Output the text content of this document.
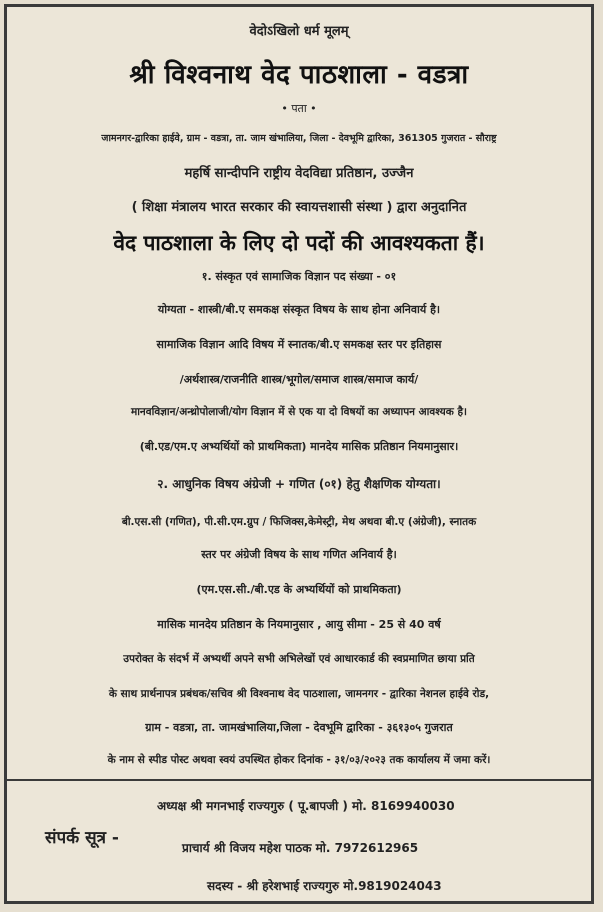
वेदोऽखिलो धर्म मूलम्
श्री विश्वनाथ वेद पाठशाला - वडत्रा
• पता •
जामनगर-द्वारिका हाईवे, ग्राम - वडत्रा, ता. जाम खंभालिया, जिला - देवभूमि द्वारिका, 361305 गुजरात - सौराष्ट्र
महर्षि सान्दीपनि राष्ट्रीय वेदविद्या प्रतिष्ठान, उज्जैन
( शिक्षा मंत्रालय भारत सरकार की स्वायत्तशासी संस्था ) द्वारा अनुदानित
वेद पाठशाला के लिए दो पदों की आवश्यकता हैं।
१. संस्कृत एवं सामाजिक विज्ञान पद संख्या - ०१
योग्यता - शास्त्री/बी.ए समकक्ष संस्कृत विषय के साथ होना अनिवार्य है।
सामाजिक विज्ञान आदि विषय में स्नातक/बी.ए समकक्ष स्तर पर इतिहास
/अर्थशास्त्र/राजनीति शास्त्र/भूगोल/समाज शास्त्र/समाज कार्य/
मानवविज्ञान/अन्थ्रोपोलाजी/योग विज्ञान में से एक या दो विषयों का अध्यापन आवश्यक है।
(बी.एड/एम.ए अभ्यर्थियों को प्राथमिकता) मानदेय मासिक प्रतिष्ठान नियमानुसार।
२. आधुनिक विषय अंग्रेजी + गणित (०१) हेतु शैक्षणिक योग्यता।
बी.एस.सी (गणित), पी.सी.एम.ग्रुप / फिजिक्स,केमेस्ट्री, मेथ अथवा बी.ए (अंग्रेजी), स्नातक
स्तर पर अंग्रेजी विषय के साथ गणित अनिवार्य है।
(एम.एस.सी./बी.एड के अभ्यर्थियों को प्राथमिकता)
मासिक मानदेय प्रतिष्ठान के नियमानुसार , आयु सीमा - 25 से 40 वर्ष
उपरोक्त के संदर्भ में अभ्यर्थी अपने सभी अभिलेखों एवं आधारकार्ड की स्वप्रमाणित छाया प्रति
के साथ प्रार्थनापत्र प्रबंधक/सचिव श्री विश्वनाथ वेद पाठशाला, जामनगर - द्वारिका नेशनल हाईवे रोड,
ग्राम - वडत्रा, ता. जामखंभालिया,जिला - देवभूमि द्वारिका - ३६१३०५ गुजरात
के नाम से स्पीड पोस्ट अथवा स्वयं उपस्थित होकर दिनांक - ३१/०३/२०२३ तक कार्यालय में जमा करें।
संपर्क सूत्र -
अध्यक्ष श्री मगनभाई राज्यगुरु ( पू.बापजी ) मो. 8169940030
प्राचार्य श्री विजय महेश पाठक मो. 7972612965
सदस्य - श्री हरेशभाई राज्यगुरु मो.9819024043
